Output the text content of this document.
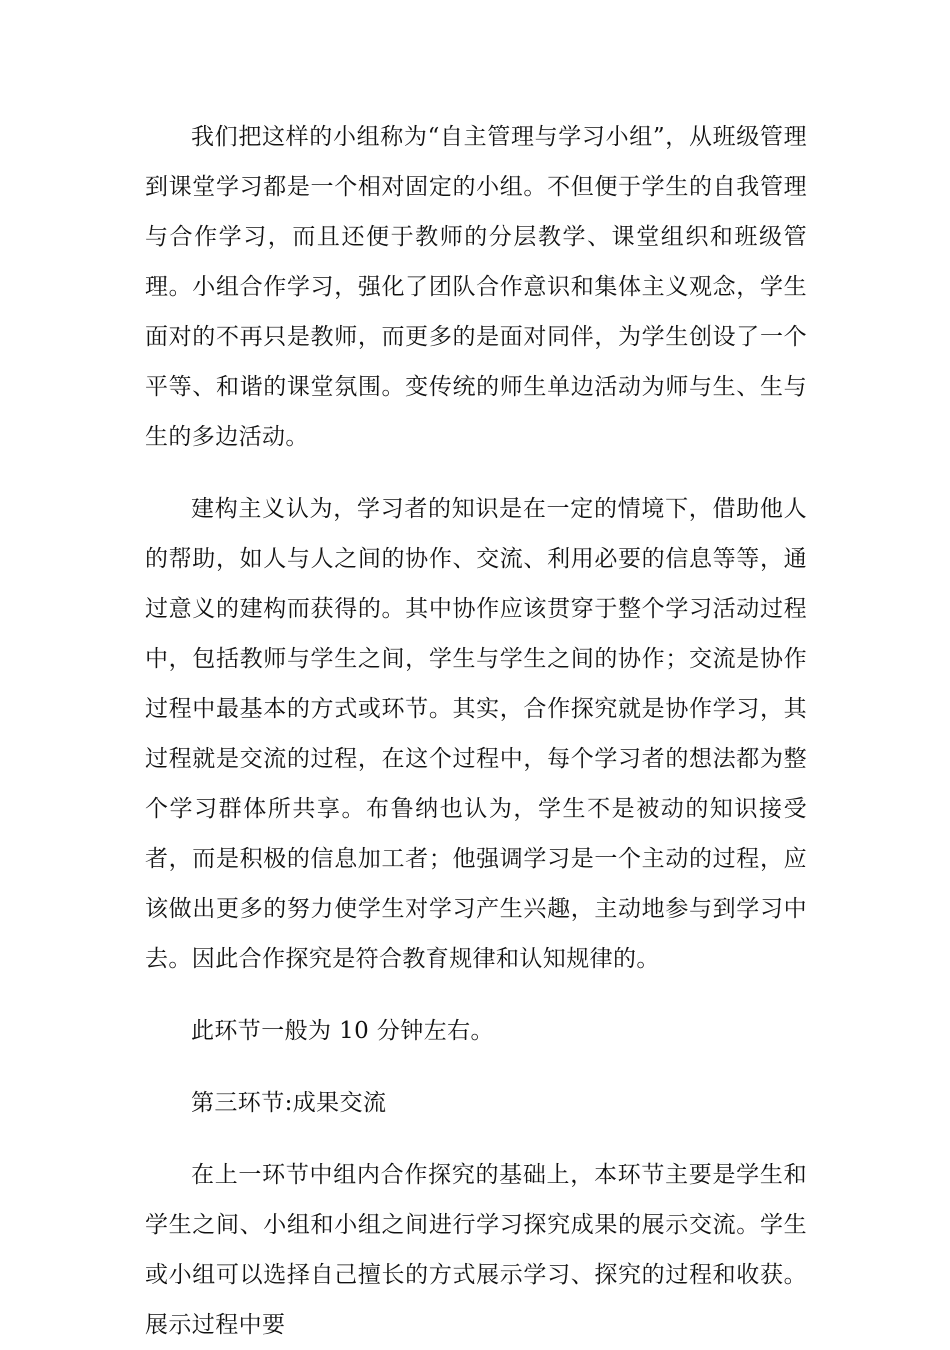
我们把这样的小组称为“自主管理与学习小组”，从班级管理到课堂学习都是一个相对固定的小组。不但便于学生的自我管理与合作学习，而且还便于教师的分层教学、课堂组织和班级管理。小组合作学习，强化了团队合作意识和集体主义观念，学生面对的不再只是教师，而更多的是面对同伴，为学生创设了一个平等、和谐的课堂氛围。变传统的师生单边活动为师与生、生与生的多边活动。

建构主义认为，学习者的知识是在一定的情境下，借助他人的帮助，如人与人之间的协作、交流、利用必要的信息等等，通过意义的建构而获得的。其中协作应该贯穿于整个学习活动过程中，包括教师与学生之间，学生与学生之间的协作；交流是协作过程中最基本的方式或环节。其实，合作探究就是协作学习，其过程就是交流的过程，在这个过程中，每个学习者的想法都为整个学习群体所共享。布鲁纳也认为，学生不是被动的知识接受者，而是积极的信息加工者；他强调学习是一个主动的过程，应该做出更多的努力使学生对学习产生兴趣，主动地参与到学习中去。因此合作探究是符合教育规律和认知规律的。

此环节一般为 10 分钟左右。

第三环节:成果交流

在上一环节中组内合作探究的基础上，本环节主要是学生和学生之间、小组和小组之间进行学习探究成果的展示交流。学生或小组可以选择自己擅长的方式展示学习、探究的过程和收获。展示过程中要
